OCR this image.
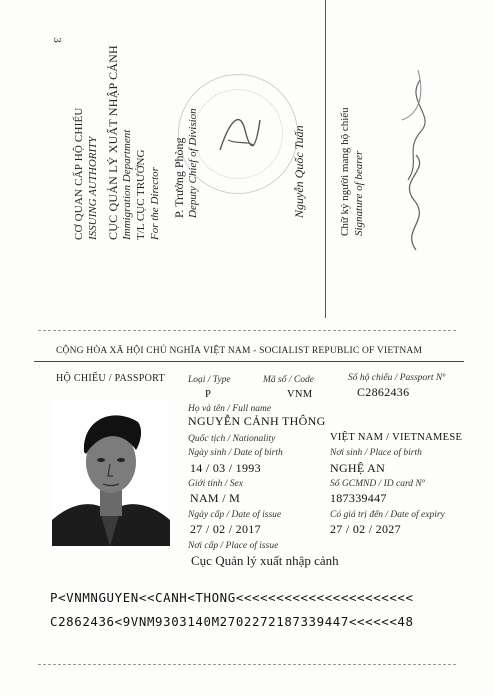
3
CƠ QUAN CẤP HỘ CHIẾU ISSUING AUTHORITY CỤC QUẢN LÝ XUẤT NHẬP CẢNH Immigration Department T/L CỤC TRƯỞNG For the Director P. Trưởng Phòng Deputy Chief of Division	Nguyễn Quốc Tuấn	Chữ ký người mang hộ chiếu Signature of bearer
CỘNG HÒA XÃ HỘI CHỦ NGHĨA VIỆT NAM - SOCIALIST REPUBLIC OF VIETNAM
HỘ CHIẾU / PASSPORT Loại / Type
P
Mã số / Code
VNM
Số hộ chiếu / Passport Nº
C2862436
Họ và tên / Full name
NGUYỄN CẢNH THÔNG
Quốc tịch / Nationality	VIỆT NAM / VIETNAMESE
Ngày sinh / Date of birth
14 / 03 / 1993
Nơi sinh / Place of birth
NGHỆ AN
Giới tính / Sex
NAM / M
Số GCMND / ID card Nº
187339447
Ngày cấp / Date of issue
27 / 02 / 2017
Có giá trị đến / Date of expiry
27 / 02 / 2027
Nơi cấp / Place of issue
Cục Quản lý xuất nhập cảnh
P<VNMNGUYEN<<CANH<THONG<<<<<<<<<<<<<<<<<<<<<<
C2862436<9VNM9303140M2702272187339447<<<<<<48
